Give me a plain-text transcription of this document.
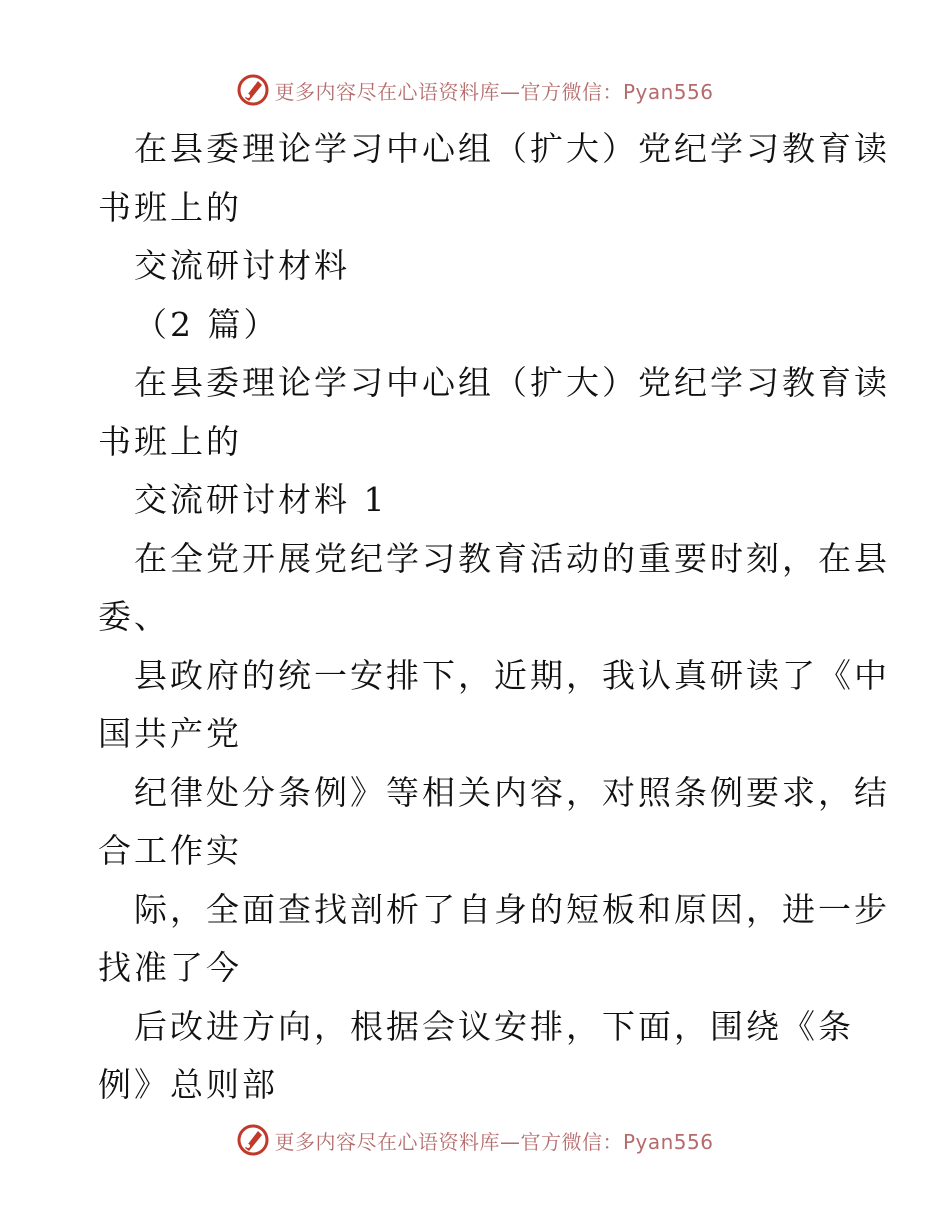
更多内容尽在心语资料库—官方微信：Pyan556
在县委理论学习中心组（扩大）党纪学习教育读
书班上的
交流研讨材料
（2 篇）
在县委理论学习中心组（扩大）党纪学习教育读
书班上的
交流研讨材料 1
在全党开展党纪学习教育活动的重要时刻，在县
委、
县政府的统一安排下，近期，我认真研读了《中
国共产党
纪律处分条例》等相关内容，对照条例要求，结
合工作实
际，全面查找剖析了自身的短板和原因，进一步
找准了今
后改进方向，根据会议安排，下面，围绕《条
例》总则部
更多内容尽在心语资料库—官方微信：Pyan556
